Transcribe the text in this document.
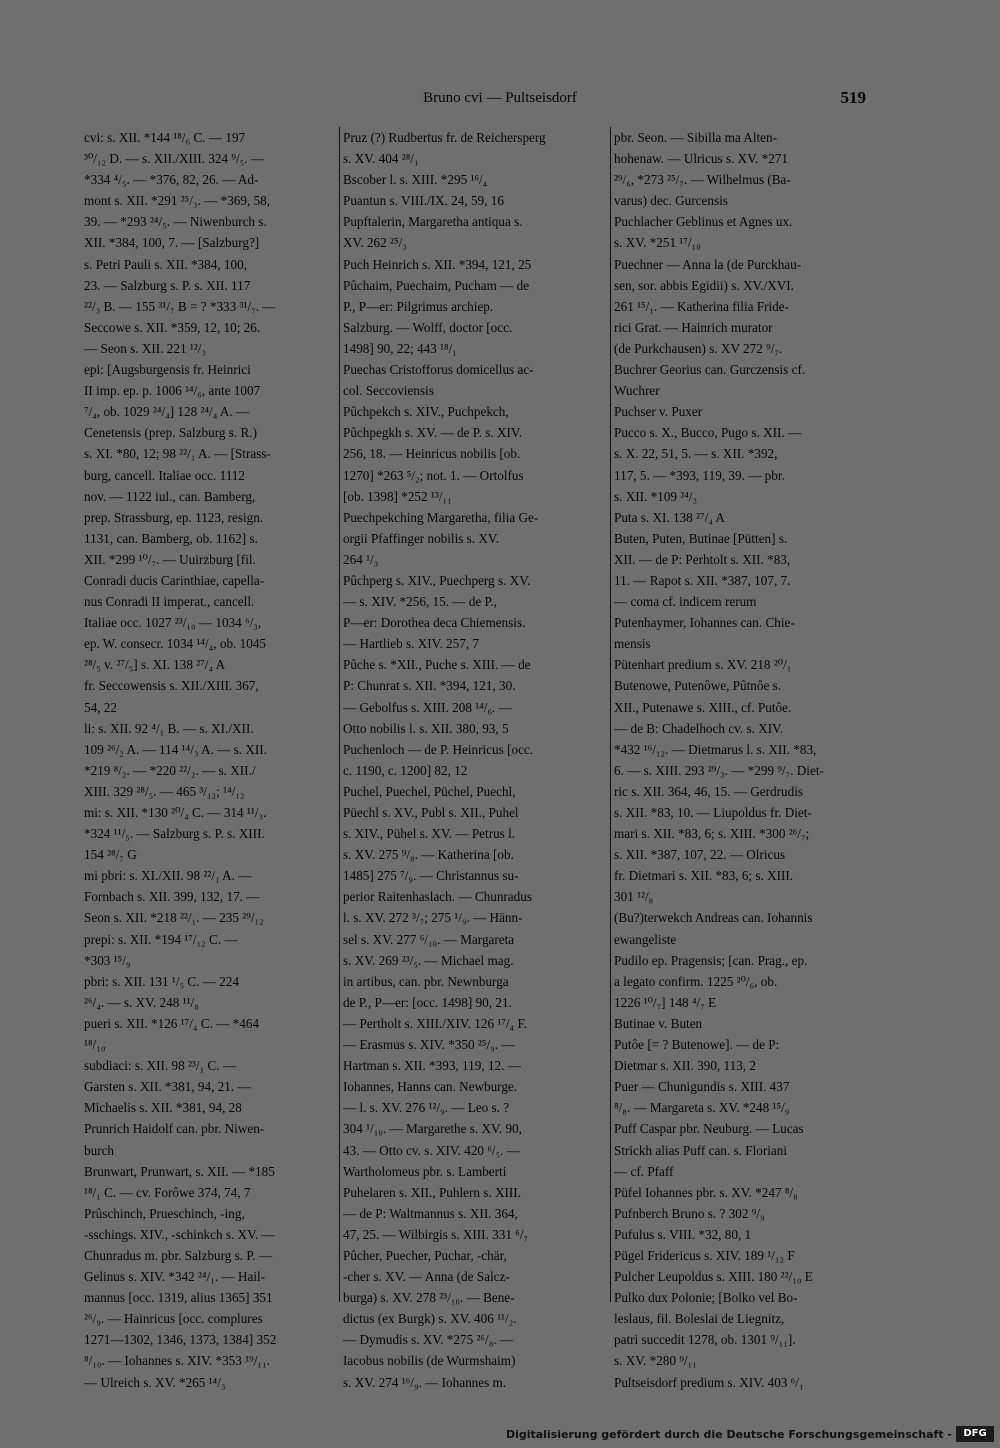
Bruno cvi — Pultseisdorf	519
cvi: s. XII. *144 ¹⁸/₆ C. — 197
³⁰/₁₂ D. — s. XII./XIII. 324 ⁹/₅. —
*334 ⁴/₅. — *376, 82, 26. — Ad-
mont s. XII. *291 ²⁵/₃. — *369, 58,
39. — *293 ²⁴/₅. — Niwenburch s.
XII. *384, 100, 7. — [Salzburg?]
s. Petri Pauli s. XII. *384, 100,
23. — Salzburg s. P. s. XII. 117
²²/₃ B. — 155 ³¹/₇ B = ? *333 ³¹/₇. —
Seccowe s. XII. *359, 12, 10; 26.
— Seon s. XII. 221 ¹²/₃
epi: [Augsburgensis fr. Heinrici
II imp. ep. p. 1006 ¹⁴/₆, ante 1007
⁷/₄, ob. 1029 ²⁴/₄] 128 ²⁴/₄ A. —
Cenetensis (prep. Salzburg s. R.)
s. XI. *80, 12; 98 ²²/₁ A. — [Strass-
burg, cancell. Italiae occ. 1112
nov. — 1122 iul., can. Bamberg,
prep. Strassburg, ep. 1123, resign.
1131, can. Bamberg, ob. 1162] s.
XII. *299 ¹⁰/₇. — Uuirzburg [fil.
Conradi ducis Carinthiae, capella-
nus Conradi II imperat., cancell.
Italiae occ. 1027 ²³/₁₀ — 1034 ⁶/₃,
ep. W. consecr. 1034 ¹⁴/₄, ob. 1045
²⁸/₅ v. ²⁷/₅] s. XI. 138 ²⁷/₄ A
fr. Seccowensis s. XII./XIII. 367,
54, 22
li: s. XII. 92 ⁴/₁ B. — s. XI./XII.
109 ²⁶/₂ A. — 114 ¹⁴/₃ A. — s. XII.
*219 ⁸/₂. — *220 ²²/₂. — s. XII./
XIII. 329 ²⁸/₅. — 465 ³/₁₂; ¹⁴/₁₂
mi: s. XII. *130 ²⁰/₄ C. — 314 ¹¹/₃.
*324 ¹¹/₅. — Salzburg s. P. s. XIII.
154 ²⁸/₇ G
mi pbri: s. XI./XII. 98 ²²/₁ A. —
Fornbach s. XII. 399, 132, 17. —
Seon s. XII. *218 ²²/₁. — 235 ²⁹/₁₂
prepi: s. XII. *194 ¹⁷/₁₂ C. —
*303 ¹⁵/₉
pbri: s. XII. 131 ¹/₅ C. — 224
²⁶/₄. — s. XV. 248 ¹¹/₈
pueri s. XII. *126 ¹⁷/₄ C. — *464
¹⁸/₁₀
subdiaci: s. XII. 98 ²³/₁ C. —
Garsten s. XII. *381, 94, 21. —
Michaelis s. XII. *381, 94, 28
Prunrich Haidolf can. pbr. Niwen-
burch
Brunwart, Prunwart, s. XII. — *185
¹⁸/₁ C. — cv. Forôwe 374, 74, 7
Prûschinch, Prueschinch, -ing,
-sschings. XIV., -schinkch s. XV. —
Chunradus m. pbr. Salzburg s. P. —
Gelinus s. XIV. *342 ²⁴/₁. — Hail-
mannus [occ. 1319, alius 1365] 351
²⁶/₉. — Hainricus [occ. complures
1271—1302, 1346, 1373, 1384] 352
⁸/₁₀. — Iohannes s. XIV. *353 ¹⁹/₁₁.
— Ulreich s. XV. *265 ¹⁴/₃
Pruz (?) Rudbertus fr. de Reichersperg
s. XV. 404 ²⁸/₁
Bscober l. s. XIII. *295 ¹⁶/₄
Puantun s. VIII./IX. 24, 59, 16
Pupftalerin, Margaretha antiqua s.
XV. 262 ²⁵/₃
Puch Heinrich s. XII. *394, 121, 25
Pûchaim, Puechaim, Pucham — de
P., P—er: Pilgrimus archiep.
Salzburg. — Wolff, doctor [occ.
1498] 90, 22; 443 ¹⁸/₁
Puechas Cristofforus domicellus ac-
col. Seccoviensis
Pûchpekch s. XIV., Puchpekch,
Pûchpegkh s. XV. — de P. s. XIV.
256, 18. — Heinricus nobilis [ob.
1270] *263 ⁵/₂; not. 1. — Ortolfus
[ob. 1398] *252 ¹³/₁₁
Puechpekching Margaretha, filia Ge-
orgii Pfaffinger nobilis s. XV.
264 ¹/₃
Pûchperg s. XIV., Puechperg s. XV.
— s. XIV. *256, 15. — de P.,
P—er: Dorothea deca Chiemensis.
— Hartlieb s. XIV. 257, 7
Pûche s. *XII., Puche s. XIII. — de
P: Chunrat s. XII. *394, 121, 30.
— Gebolfus s. XIII. 208 ¹⁴/₆. —
Otto nobilis l. s. XII. 380, 93, 5
Puchenloch — de P. Heinricus [occ.
c. 1190, c. 1200] 82, 12
Puchel, Puechel, Püchel, Puechl,
Püechl s. XV., Publ s. XII., Puhel
s. XIV., Pühel s. XV. — Petrus l.
s. XV. 275 ⁹/₈. — Katherina [ob.
1485] 275 ⁷/₉. — Christannus su-
perior Raitenhaslach. — Chunradus
l. s. XV. 272 ³/₇; 275 ¹/₉. — Hänn-
sel s. XV. 277 ⁶/₁₀. — Margareta
s. XV. 269 ²³/₅. — Michael mag.
in artibus, can. pbr. Newnburga
de P., P—er: [occ. 1498] 90, 21.
— Pertholt s. XIII./XIV. 126 ¹⁷/₄ F.
— Erasmus s. XIV. *350 ²⁵/₉. —
Hartman s. XII. *393, 119, 12. —
Iohannes, Hanns can. Newburge.
— l. s. XV. 276 ¹²/₉. — Leo s. ?
304 ¹/₁₀. — Margarethe s. XV. 90,
43. — Otto cv. s. XIV. 420 ⁶/₅. —
Wartholomeus pbr. s. Lamberti
Puhelaren s. XII., Puhlern s. XIII.
— de P: Waltmannus s. XII. 364,
47, 25. — Wilbirgis s. XIII. 331 ⁶/₇
Pûcher, Puecher, Puchar, -chär,
-cher s. XV. — Anna (de Salcz-
burga) s. XV. 278 ²³/₁₀. — Bene-
dictus (ex Burgk) s. XV. 406 ¹¹/₂.
— Dymudis s. XV. *275 ²⁶/₈. —
Iacobus nobilis (de Wurmshaim)
s. XV. 274 ¹⁶/₉. — Iohannes m.
pbr. Seon. — Sibilla ma Alten-
hohenaw. — Ulricus s. XV. *271
²⁹/₆, *273 ²⁵/₇. — Wilhelmus (Ba-
varus) dec. Gurcensis
Puchlacher Geblinus et Agnes ux.
s. XV. *251 ¹⁷/₁₀
Puechner — Anna la (de Purckhau-
sen, sor. abbis Egidii) s. XV./XVI.
261 ¹⁵/₁. — Katherina filia Fride-
rici Grat. — Hainrich murator
(de Purkchausen) s. XV 272 ⁹/₇.
Buchrer Georius can. Gurczensis cf.
Wuchrer
Puchser v. Puxer
Pucco s. X., Bucco, Pugo s. XII. —
s. X. 22, 51, 5. — s. XII. *392,
117, 5. — *393, 119, 39. — pbr.
s. XII. *109 ²⁴/₃
Puta s. XI. 138 ²⁷/₄ A
Buten, Puten, Butinae [Pütten] s.
XII. — de P: Perhtolt s. XII. *83,
11. — Rapot s. XII. *387, 107, 7.
— coma cf. indicem rerum
Putenhaymer, Iohannes can. Chie-
mensis
Pütenhart predium s. XV. 218 ²⁰/₁
Butenowe, Putenôwe, Pûtnôe s.
XII., Putenawe s. XIII., cf. Putôe.
— de B: Chadelhoch cv. s. XIV.
*432 ¹⁶/₁₂. — Dietmarus l. s. XII. *83,
6. — s. XIII. 293 ²⁹/₃. — *299 ⁹/₇. Diet-
ric s. XII. 364, 46, 15. — Gerdrudis
s. XII. *83, 10. — Liupoldus fr. Diet-
mari s. XII. *83, 6; s. XIII. *300 ²⁶/₇;
s. XII. *387, 107, 22. — Olricus
fr. Dietmari s. XII. *83, 6; s. XIII.
301 ¹²/₈
(Bu?)terwekch Andreas can. Iohannis
ewangeliste
Pudilo ep. Pragensis; [can. Prag., ep.
a legato confirm. 1225 ²⁰/₆, ob.
1226 ¹⁰/₇] 148 ⁴/₇ E
Butinae v. Buten
Putôe [= ? Butenowe]. — de P:
Dietmar s. XII. 390, 113, 2
Puer — Chunigundis s. XIII. 437
⁸/₈. — Margareta s. XV. *248 ¹⁵/₉
Puff Caspar pbr. Neuburg. — Lucas
Strickh alias Puff can. s. Floriani
— cf. Pfaff
Püfel Iohannes pbr. s. XV. *247 ⁸/₈
Pufnberch Bruno s. ? 302 ⁹/₉
Pufulus s. VIII. *32, 80, 1
Pügel Fridericus s. XIV. 189 ¹/₁₂ F
Pulcher Leupoldus s. XIII. 180 ²²/₁₀ E
Pulko dux Polonie; [Bolko vel Bo-
leslaus, fil. Boleslai de Liegnitz,
patri succedit 1278, ob. 1301 ⁹/₁₁].
s. XV. *280 ⁹/₁₁
Pultseisdorf predium s. XIV. 403 ⁶/₁
Digitalisierung gefördert durch die Deutsche Forschungsgemeinschaft -	DFG
